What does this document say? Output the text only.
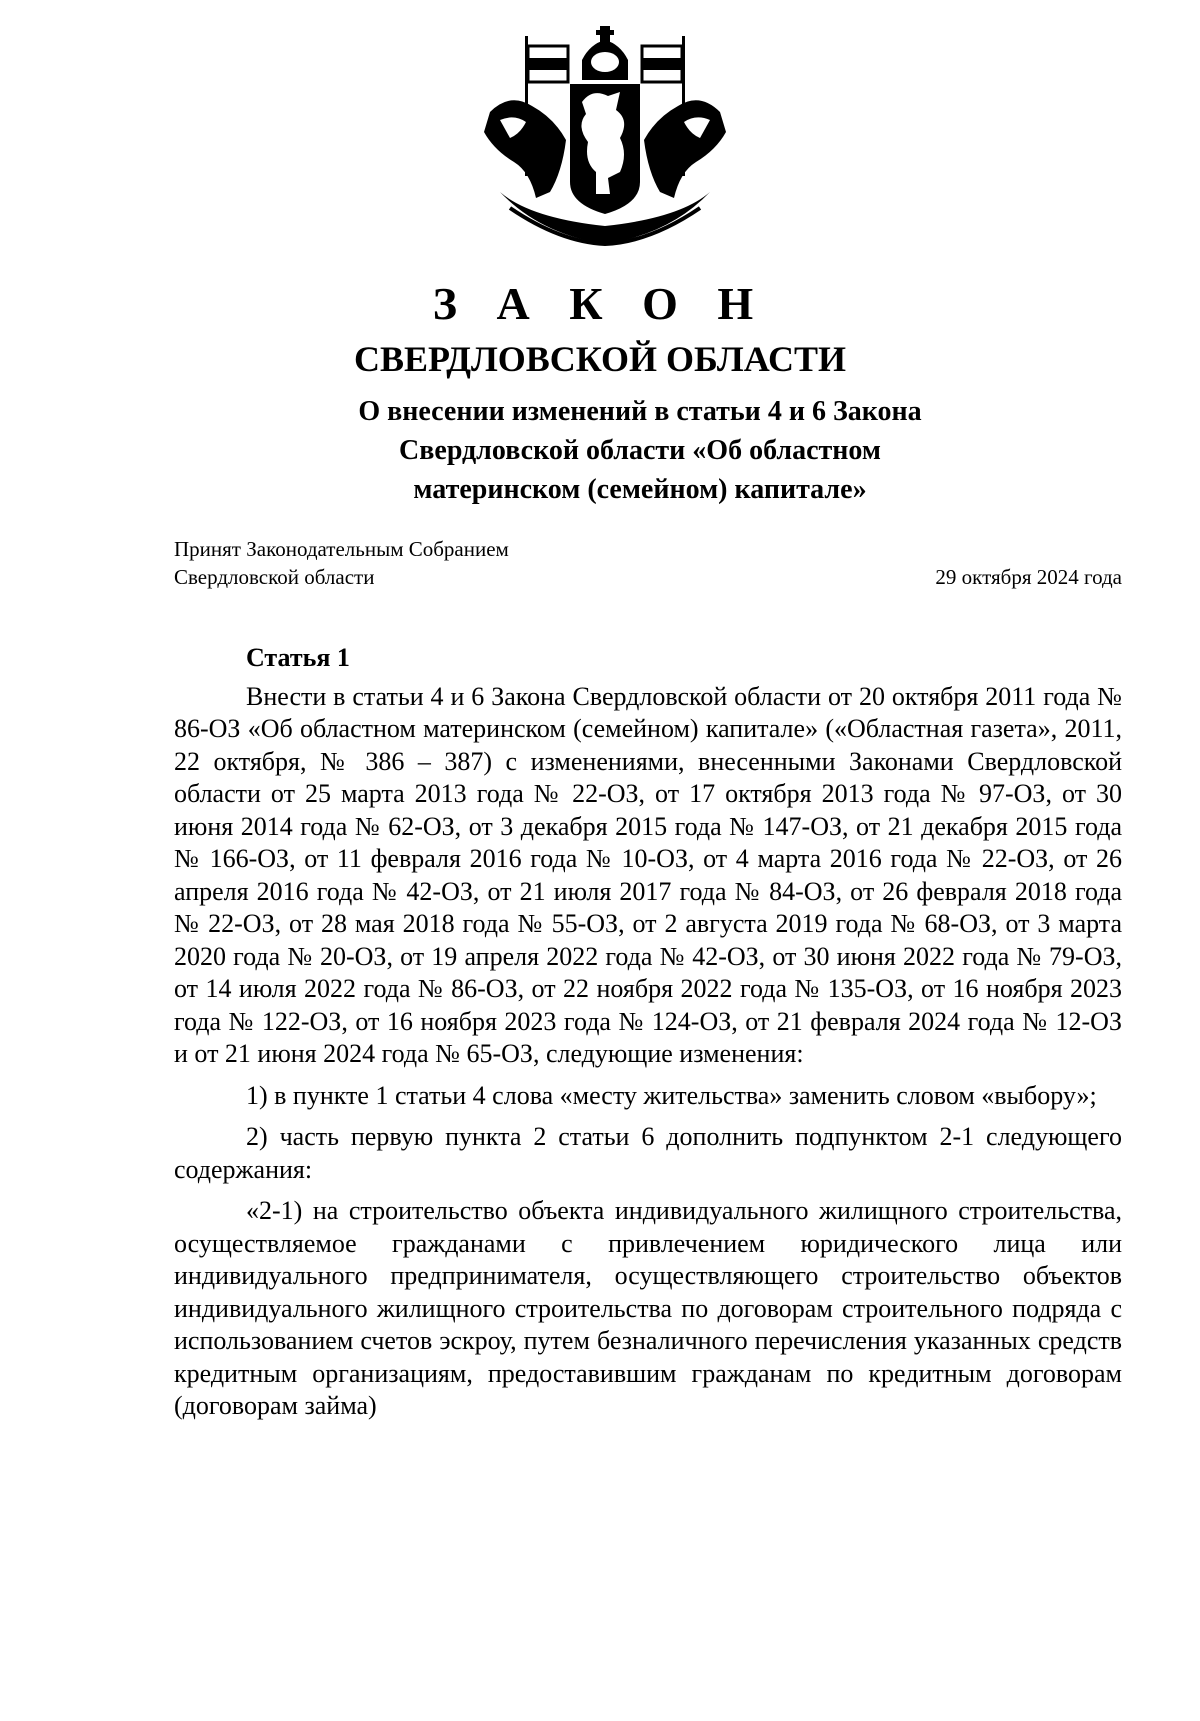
З А К О Н
СВЕРДЛОВСКОЙ ОБЛАСТИ
О внесении изменений в статьи 4 и 6 Закона
Свердловской области «Об областном
материнском (семейном) капитале»
Принят Законодательным Собранием
Свердловской области	29 октября 2024 года
Статья 1

Внести в статьи 4 и 6 Закона Свердловской области от 20 октября 2011 года № 86-ОЗ «Об областном материнском (семейном) капитале» («Областная газета», 2011, 22 октября, № 386 – 387) с изменениями, внесенными Законами Свердловской области от 25 марта 2013 года № 22-ОЗ, от 17 октября 2013 года № 97-ОЗ, от 30 июня 2014 года № 62-ОЗ, от 3 декабря 2015 года № 147-ОЗ, от 21 декабря 2015 года № 166-ОЗ, от 11 февраля 2016 года № 10-ОЗ, от 4 марта 2016 года № 22-ОЗ, от 26 апреля 2016 года № 42-ОЗ, от 21 июля 2017 года № 84-ОЗ, от 26 февраля 2018 года № 22-ОЗ, от 28 мая 2018 года № 55-ОЗ, от 2 августа 2019 года № 68-ОЗ, от 3 марта 2020 года № 20-ОЗ, от 19 апреля 2022 года № 42-ОЗ, от 30 июня 2022 года № 79-ОЗ, от 14 июля 2022 года № 86-ОЗ, от 22 ноября 2022 года № 135-ОЗ, от 16 ноября 2023 года № 122-ОЗ, от 16 ноября 2023 года № 124-ОЗ, от 21 февраля 2024 года № 12-ОЗ и от 21 июня 2024 года № 65-ОЗ, следующие изменения:

1) в пункте 1 статьи 4 слова «месту жительства» заменить словом «выбору»;

2) часть первую пункта 2 статьи 6 дополнить подпунктом 2-1 следующего содержания:

«2-1) на строительство объекта индивидуального жилищного строительства, осуществляемое гражданами с привлечением юридического лица или индивидуального предпринимателя, осуществляющего строительство объектов индивидуального жилищного строительства по договорам строительного подряда с использованием счетов эскроу, путем безналичного перечисления указанных средств кредитным организациям, предоставившим гражданам по кредитным договорам (договорам займа)
